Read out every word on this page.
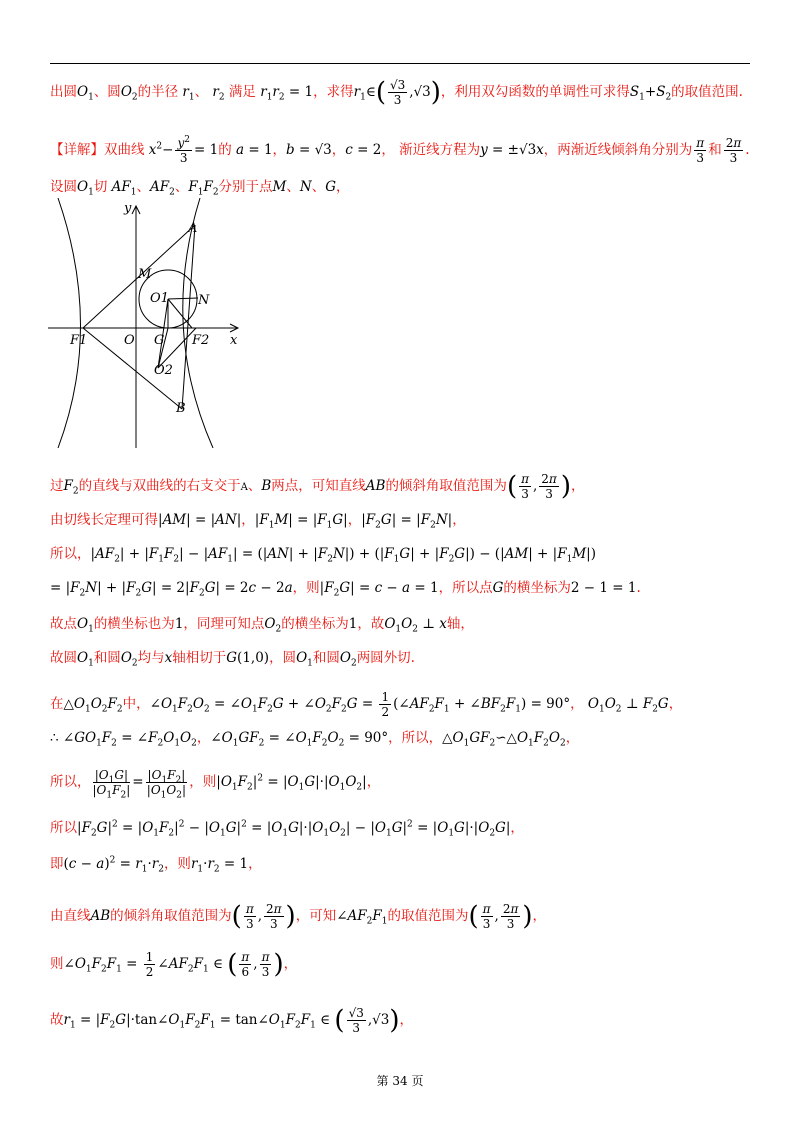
出圆$O_1$、圆$O_2$的半径 $r_1$、 $r_2$ 满足 $r_1r_2 = 1$，求得$r_1\in( \frac{√3}{3} ,√3)$，利用双勾函数的单调性可求得$S_1+S_2$的取值范围.
【详解】双曲线 $x^2- \frac{y^2}{3} = 1$的 a = 1，b = √3，c = 2， 渐近线方程为y = ±√3x，两渐近线倾斜角分别为 $\frac{\pi}{3}$ 和 $\frac{2\pi}{3}$ .
设圆$O_1$切 $AF_1$、$AF_2$、$F_1F_2$分别于点M、N、G，
y
A
M
O1 N
F1	O G F2 x
O2
B
过$F_2$的直线与双曲线的右支交于A、B两点，可知直线AB的倾斜角取值范围为( $\frac{\pi}{3}$ , $\frac{2\pi}{3}$ )，
由切线长定理可得|AM| = |AN|，$|F_1M| = |F_1G|$，$|F_2G| = |F_2N|$，
所以，$|AF_2| + |F_1F_2| - |AF_1| = (|AN| + |F_2N|) + (|F_1G| + |F_2G|) - (|AM| + |F_1M|)$
= $|F_2N| + |F_2G| = 2|F_2G| = 2c - 2a$，则$|F_2G| = c - a = 1$，所以点G的横坐标为2 − 1 = 1.
故点$O_1$的横坐标也为1，同理可知点$O_2$的横坐标为1，故$O_1O_2$ ⊥ x轴，
故圆$O_1$和圆$O_2$均与x轴相切于G(1,0)，圆$O_1$和圆$O_2$两圆外切.
在$\triangle O_1O_2F_2$中，$\angle O_1F_2O_2$ = $\angle O_1F_2G$ + $\angle O_2F_2G = \frac{1}{2}$ ($\angle AF_2F_1$ + $\angle BF_2F_1) = 90^\circ$， $O_1O_2$ ⊥ $F_2G$，
∴ $\angle GO_1F_2$ = $\angle F_2O_1O_2$，$\angle O_1GF_2$ = $\angle O_1F_2O_2 = 90^\circ$，所以，$\triangle O_1GF_2∽\triangle O_1F_2O_2$，
所以， $\frac{|O_1G|}{|O_1F_2|} = \frac{|O_1F_2|}{|O_1O_2|}$ ，则$|O_1F_2|^2 = |O_1G|\cdot|O_1O_2|$，
所以$|F_2G|^2 = |O_1F_2|^2 - |O_1G|^2 = |O_1G|\cdot|O_1O_2| - |O_1G|^2 = |O_1G|\cdot|O_2G|$，
即$(c - a)^2 = r_1\cdot r_2$，则$r_1\cdot r_2 = 1$，
由直线AB的倾斜角取值范围为( $\frac{\pi}{3}$ , $\frac{2\pi}{3}$ )，可知$\angle AF_2F_1$的取值范围为( $\frac{\pi}{3}$ , $\frac{2\pi}{3}$ )，
则$\angle O_1F_2F_1 = \frac{1}{2}$ $\angle AF_2F_1$ ∈ ( $\frac{\pi}{6}$ , $\frac{\pi}{3}$ )，
故$r_1$ = $|F_2G|\cdot\tan\angle O_1F_2F_1$ = $\tan\angle O_1F_2F_1$ ∈ ( $\frac{√3}{3} ,√3$)，
第 34 页
